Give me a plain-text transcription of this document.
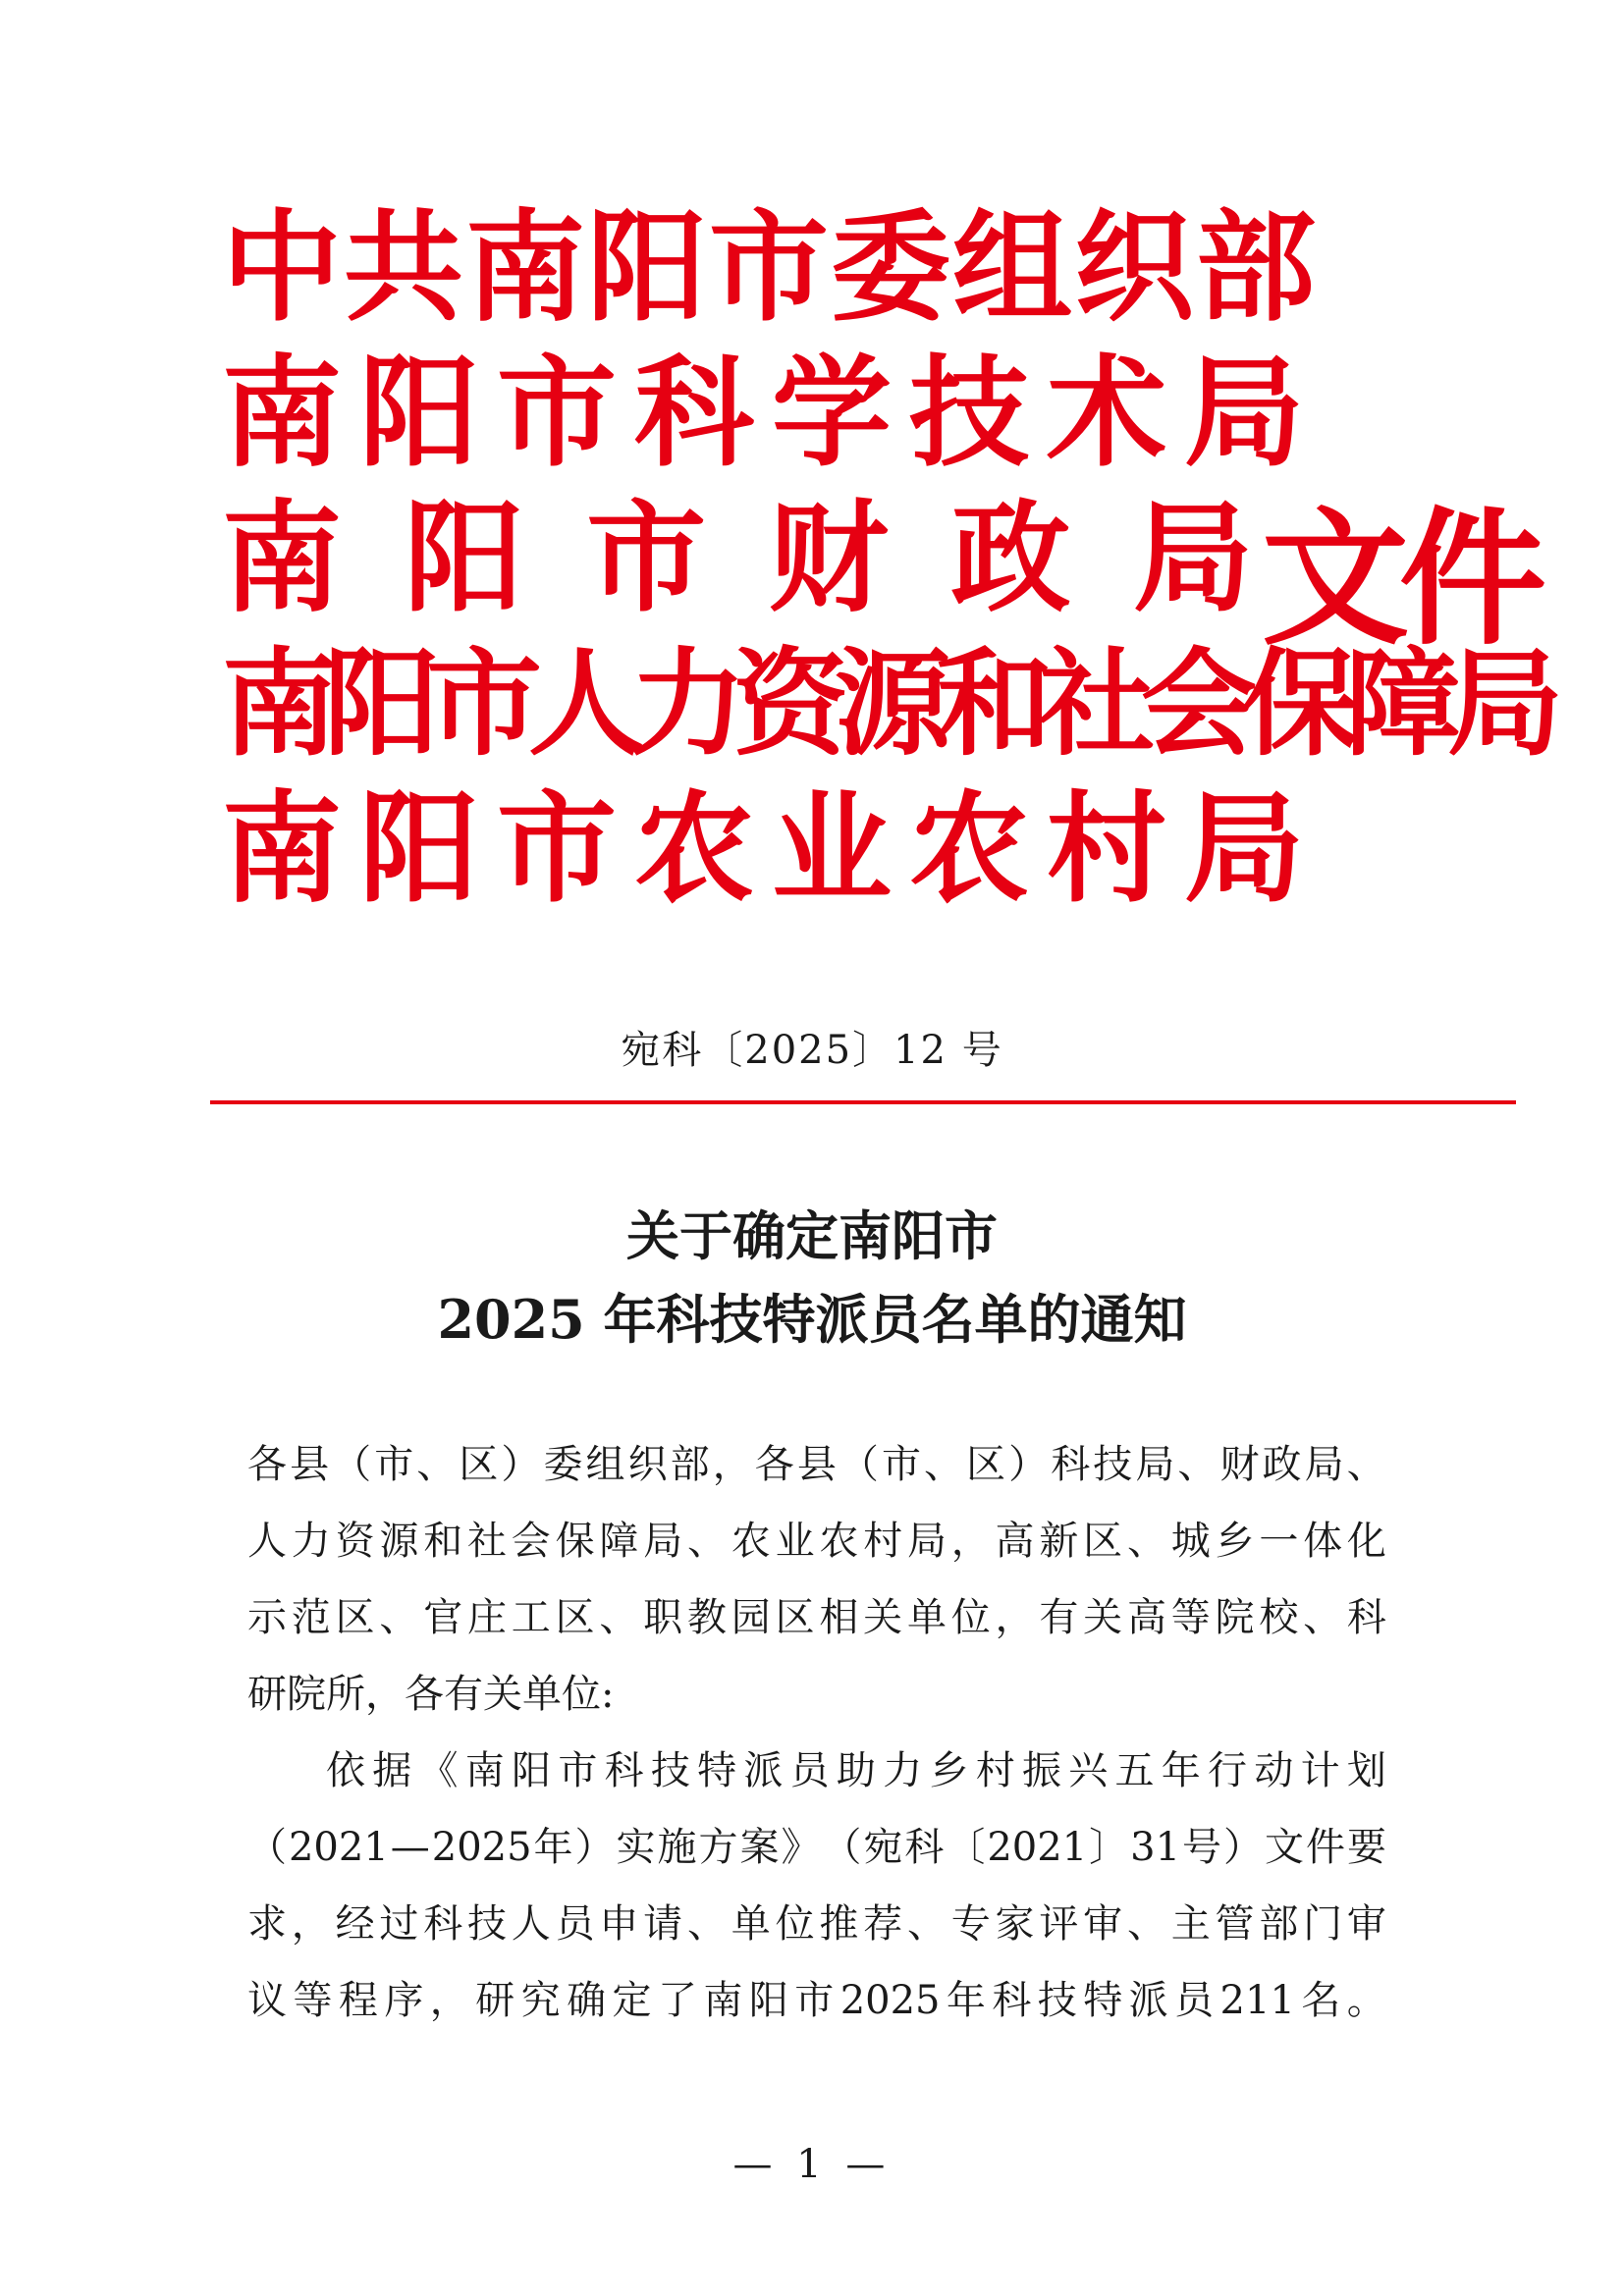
中共南阳市委组织部
南阳市科学技术局
南 阳 市 财 政 局
南阳市人力资源和社会保障局
南阳市农业农村局
文件
宛科〔2025〕12 号
关于确定南阳市
2025 年科技特派员名单的通知
各 县 （ 市 、 区 ） 委 组 织 部 ， 各 县 （ 市 、 区 ） 科 技 局 、 财 政 局 、
人 力 资 源 和 社 会 保 障 局 、 农 业 农 村 局 ， 高 新 区 、 城 乡 一 体 化
示 范 区 、 官 庄 工 区 、 职 教 园 区 相 关 单 位 ， 有 关 高 等 院 校 、 科
研院所，各有关单位:
依 据 《 南 阳 市 科 技 特 派 员 助 力 乡 村 振 兴 五 年 行 动 计 划
（ 2021 — 2025 年 ） 实 施 方 案 》 （ 宛 科 〔 2021 〕 31 号 ） 文 件 要
求 ， 经 过 科 技 人 员 申 请 、 单 位 推 荐 、 专 家 评 审 、 主 管 部 门 审
议 等 程 序 ， 研 究 确 定 了 南 阳 市 2025 年 科 技 特 派 员 211 名 。
— 1 —
